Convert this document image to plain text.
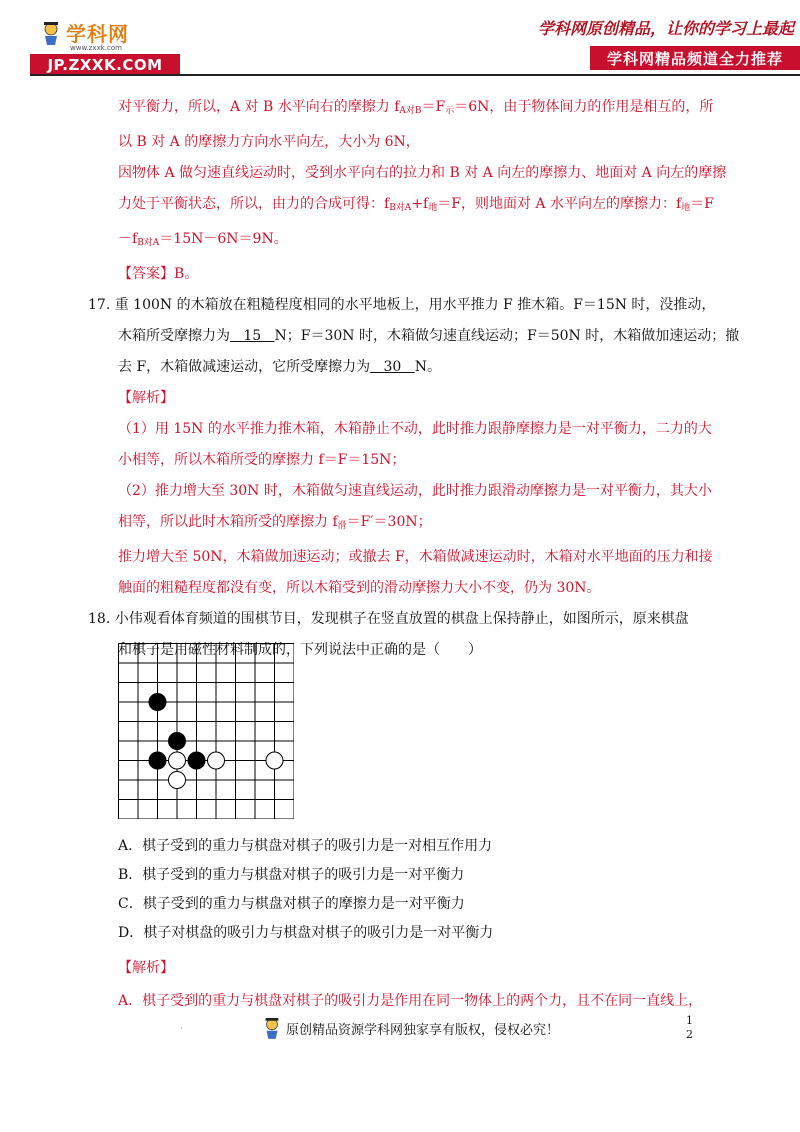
学科网
www.zxxk.com
JP.ZXXK.COM
学科网原创精品，让你的学习上最起
学科网精品频道全力推荐
对平衡力，所以，A 对 B 水平向右的摩擦力 $f_{A对B}=F_示=6N$，由于物体间力的作用是相互的，所
以 B 对 A 的摩擦力方向水平向左，大小为 6N，
因物体 A 做匀速直线运动时，受到水平向右的拉力和 B 对 A 向左的摩擦力、地面对 A 向左的摩擦
力处于平衡状态，所以，由力的合成可得：$f_{B对A}+f_地=F$，则地面对 A 水平向左的摩擦力：$f_地=F$
$-f_{B对A}=15N-6N=9N$。
【答案】B。
17. 重 100N 的木箱放在粗糙程度相同的水平地板上，用水平推力 F 推木箱。F＝15N 时，没推动，
木箱所受摩擦力为   15   N；F＝30N 时，木箱做匀速直线运动；F＝50N 时，木箱做加速运动；撤
去 F，木箱做减速运动，它所受摩擦力为   30   N。
【解析】
（1）用 15N 的水平推力推木箱，木箱静止不动，此时推力跟静摩擦力是一对平衡力，二力的大
小相等，所以木箱所受的摩擦力 f＝F＝15N；
（2）推力增大至 30N 时，木箱做匀速直线运动，此时推力跟滑动摩擦力是一对平衡力，其大小
相等，所以此时木箱所受的摩擦力 $f_滑=F'=30N$；
推力增大至 50N，木箱做加速运动；或撤去 F，木箱做减速运动时，木箱对水平地面的压力和接
触面的粗糙程度都没有变，所以木箱受到的滑动摩擦力大小不变，仍为 30N。
18. 小伟观看体育频道的围棋节目，发现棋子在竖直放置的棋盘上保持静止，如图所示，原来棋盘
和棋子是用磁性材料制成的，下列说法中正确的是（　　）
A．棋子受到的重力与棋盘对棋子的吸引力是一对相互作用力
B．棋子受到的重力与棋盘对棋子的吸引力是一对平衡力
C．棋子受到的重力与棋盘对棋子的摩擦力是一对平衡力
D．棋子对棋盘的吸引力与棋盘对棋子的吸引力是一对平衡力
【解析】
A．棋子受到的重力与棋盘对棋子的吸引力是作用在同一物体上的两个力，且不在同一直线上，
·	原创精品资源学科网独家享有版权，侵权必究！
1
2
